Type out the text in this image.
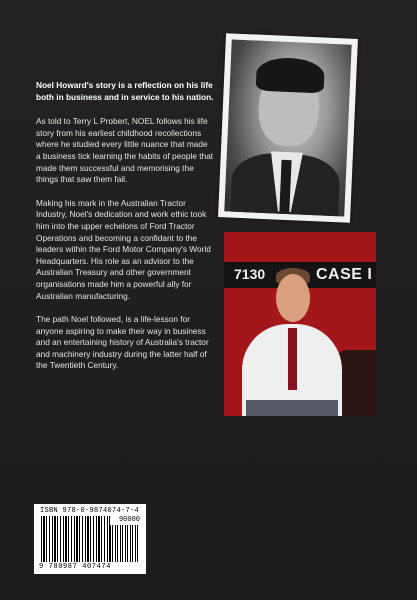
Noel Howard's story is a reflection on his life both in business and in service to his nation.

As told to Terry L Probert, NOEL follows his life story from his earliest childhood recollections where he studied every little nuance that made a business tick learning the habits of people that made them successful and memorising the things that saw them fail.

Making his mark in the Australian Tractor Industry, Noel's dedication and work ethic took him into the upper echelons of Ford Tractor Operations and becoming a confidant to the leaders within the Ford Motor Company's World Headquarters. His role as an advisor to the Australian Treasury and other government organisations made him a powerful ally for Australian manufacturing.

The path Noel followed, is a life-lesson for anyone aspiring to make their way in business and an entertaining history of Australia's tractor and machinery industry during the latter half of the Twentieth Century.

7130	CASE I
ISBN 978-0-9874074-7-4
90000
9 780987 407474
